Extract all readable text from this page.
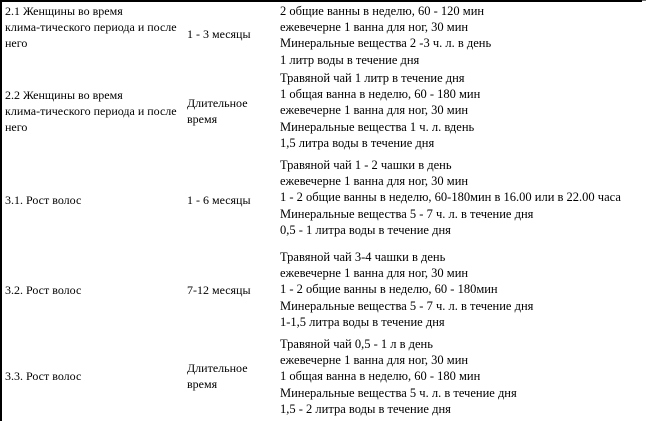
2.1 Женщины во время
клима-тического периода и после
него
1 - 3 месяцы
2 общие ванны в неделю, 60 - 120 мин
ежевечерне 1 ванна для ног, 30 мин
Минеральные вещества 2 -3 ч. л. в день
1 литр воды в течение дня
2.2 Женщины во время
клима-тического периода и после
него
Длительное время
Травяной чай 1 литр в течение дня
1 общая ванна в неделю, 60 - 180 мин
ежевечерне 1 ванна для ног, 30 мин
Минеральные вещества 1 ч. л. вдень
1,5 литра воды в течение дня
3.1. Рост волос	1 - 6 месяцы
Травяной чай 1 - 2 чашки в день
ежевечерне 1 ванна для ног, 30 мин
1 - 2 общие ванны в неделю, 60-180мин в 16.00 или в 22.00 часа
Минеральные вещества 5 - 7 ч. л. в течение дня
0,5 - 1 литра воды в течение дня
3.2. Рост волос	7-12 месяцы
Травяной чай 3-4 чашки в день
ежевечерне 1 ванна для ног, 30 мин
1 - 2 общие ванны в неделю, 60 - 180мин
Минеральные вещества 5 - 7 ч. л. в течение дня
1-1,5 литра воды в течение дня
3.3. Рост волос
Длительное время
Травяной чай 0,5 - 1 л в день
ежевечерне 1 ванна для ног, 30 мин
1 общая ванна в неделю, 60 - 180 мин
Минеральные вещества 5 ч. л. в течение дня
1,5 - 2 литра воды в течение дня
